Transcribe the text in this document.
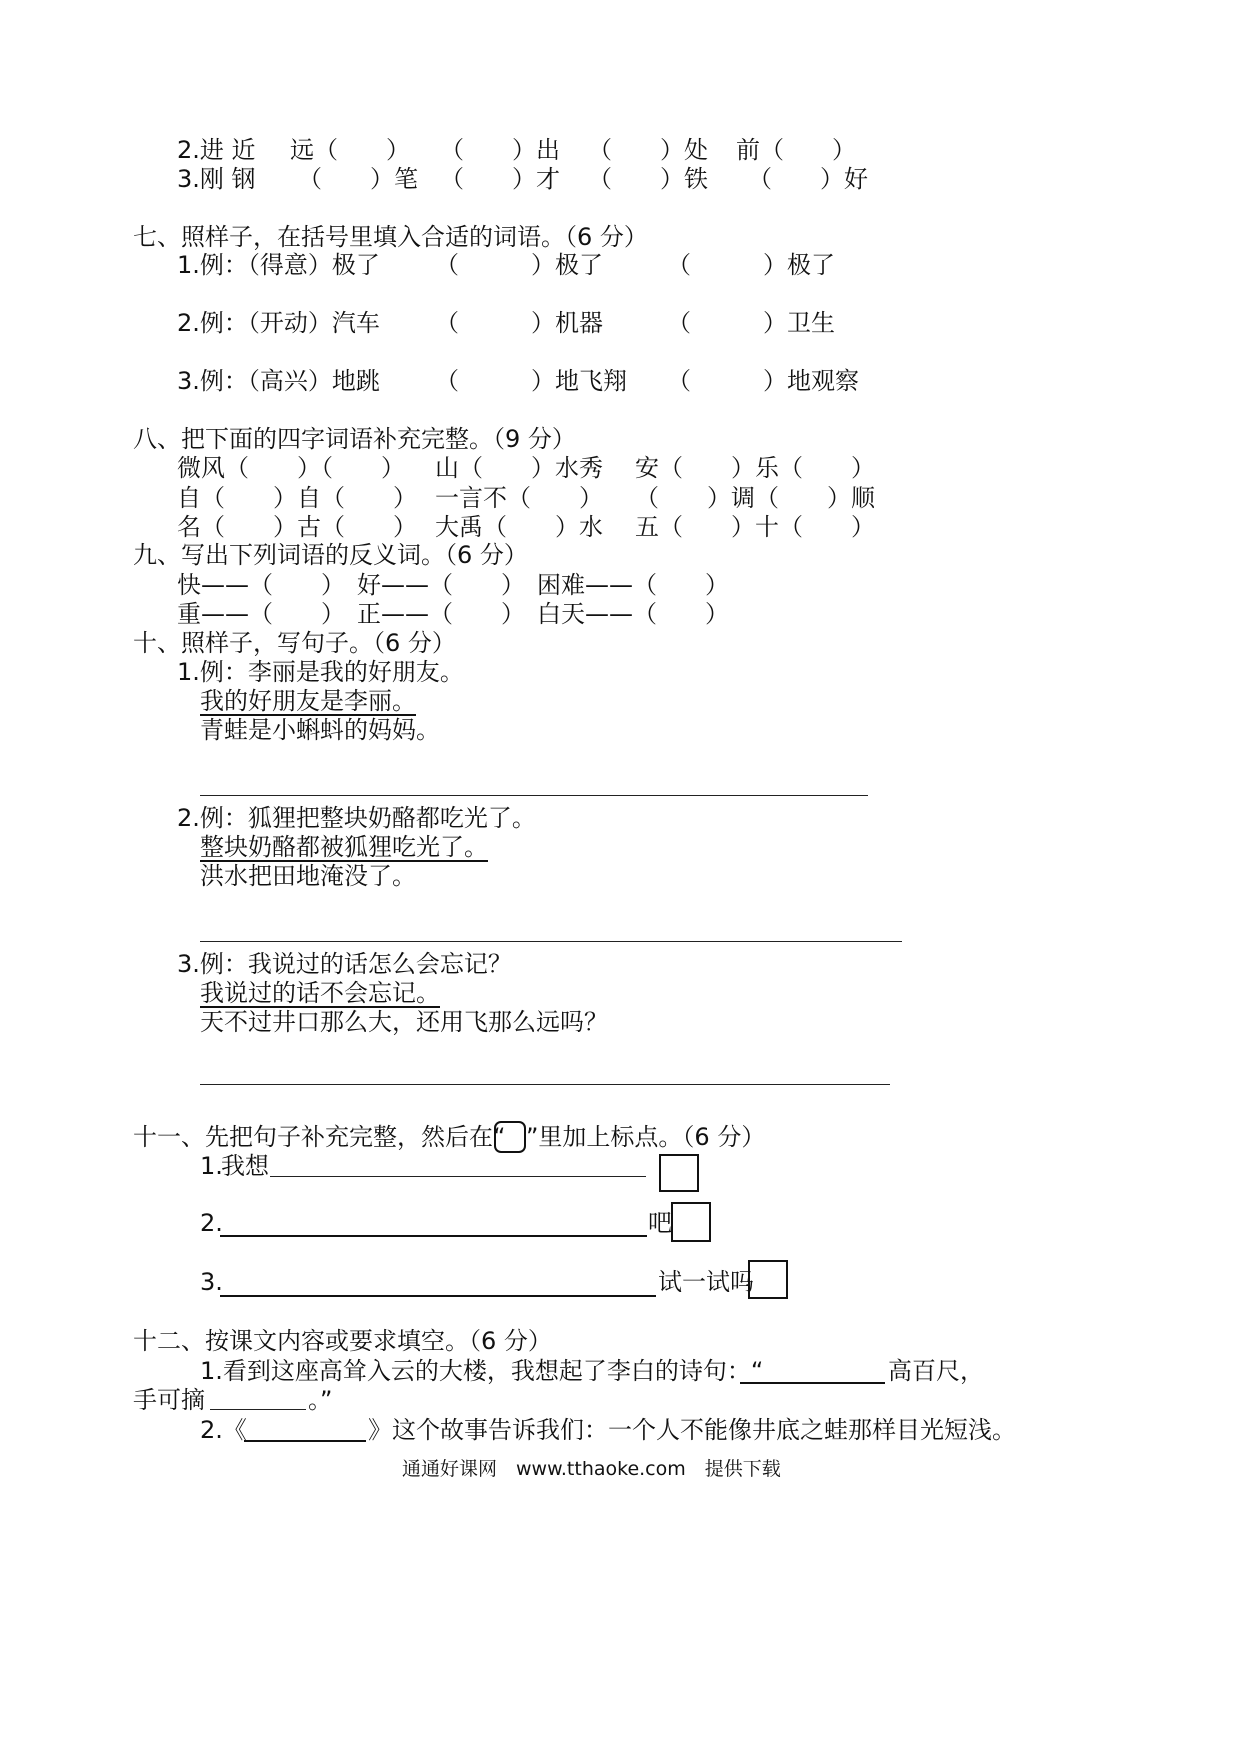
2.进 近 远（　　） （　　）出 （　　）处 前（　　）
3.刚 钢 （　　）笔 （　　）才 （　　）铁 （　　）好
七、照样子，在括号里填入合适的词语。（6 分）
1.例：（得意）极了 （　　　）极了	（　　　）极了
2.例：（开动）汽车 （　　　）机器	（　　　）卫生
3.例：（高兴）地跳 （　　　）地飞翔 （　　　）地观察
八、把下面的四字词语补充完整。（9 分）
微风（　　）（　　） 山（　　）水秀 安（　　）乐（　　）
自（　　）自（　　） 一言不（　　） （　　）调（　　）顺
名（　　）古（　　） 大禹（　　）水 五（　　）十（　　）
九、写出下列词语的反义词。（6 分）
快——（　　） 好——（　　） 困难——（　　）
重——（　　） 正——（　　） 白天——（　　）
十、照样子，写句子。（6 分）
1.例：李丽是我的好朋友。
我的好朋友是李丽。
青蛙是小蝌蚪的妈妈。
2.例：狐狸把整块奶酪都吃光了。
整块奶酪都被狐狸吃光了。
洪水把田地淹没了。
3.例：我说过的话怎么会忘记？
我说过的话不会忘记。
天不过井口那么大，还用飞那么远吗？
十一、先把句子补充完整，然后在“ ”里加上标点。（6 分）
1.
我想
2.	吧
3.	试一试吗
十二、按课文内容或要求填空。（6 分）
1.看到这座高耸入云的大楼，我想起了李白的诗句：“	高百尺，
手可摘	。”
2.《	》这个故事告诉我们：一个人不能像井底之蛙那样目光短浅。
通通好课网　www.tthaoke.com　提供下载
